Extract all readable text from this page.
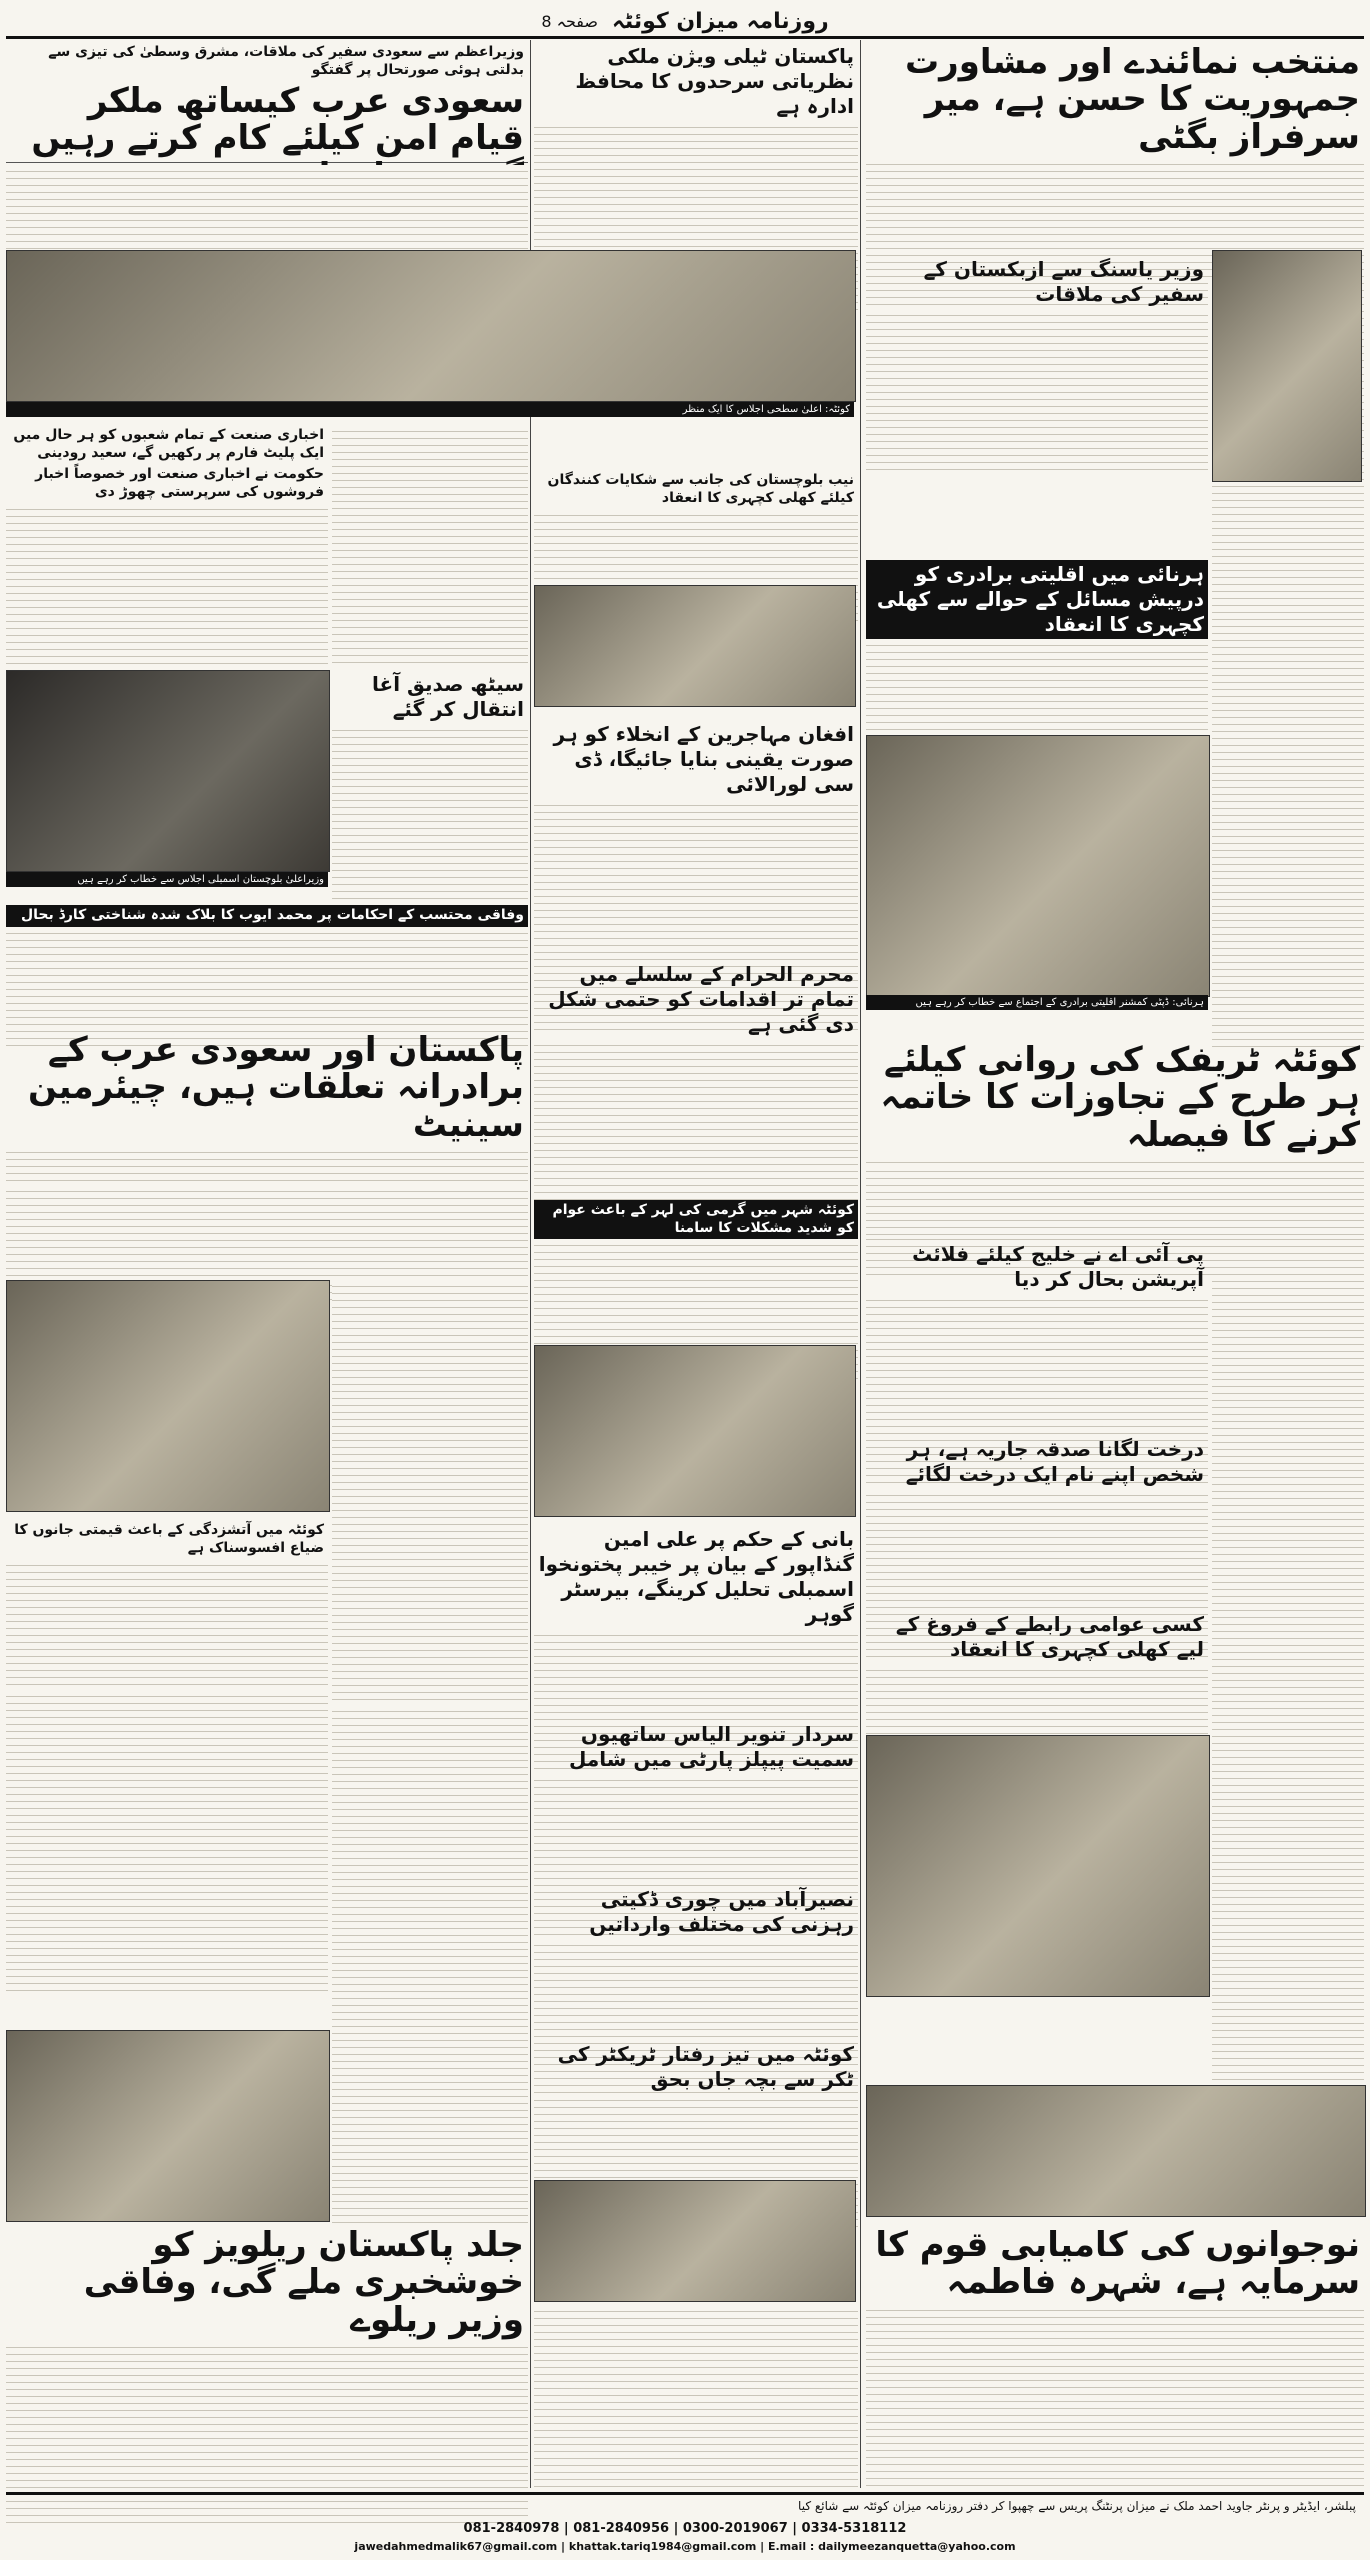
روزنامہ میزان کوئٹہ
صفحہ 8
منتخب نمائندے اور مشاورت جمہوریت کا حسن ہے، میر سرفراز بگٹی
وزیر یاسنگ سے ازبکستان کے سفیر کی ملاقات
ہرنائی میں اقلیتی برادری کو درپیش مسائل کے حوالے سے کھلی کچہری کا انعقاد
ہرنائی: ڈپٹی کمشنر اقلیتی برادری کے اجتماع سے خطاب کر رہے ہیں
کوئٹہ ٹریفک کی روانی کیلئے ہر طرح کے تجاوزات کا خاتمہ کرنے کا فیصلہ
پی آئی اے نے خلیج کیلئے فلائٹ آپریشن بحال کر دیا
درخت لگانا صدقہ جاریہ ہے، ہر شخص اپنے نام ایک درخت لگائے
کسی عوامی رابطے کے فروغ کے لیے کھلی کچہری کا انعقاد
نوجوانوں کی کامیابی قوم کا سرمایہ ہے، شہرہ فاطمہ
پاکستان ٹیلی ویژن ملکی نظریاتی سرحدوں کا محافظ ادارہ ہے
نیب بلوچستان کی جانب سے شکایات کنندگان کیلئے کھلی کچہری کا انعقاد
افغان مہاجرین کے انخلاء کو ہر صورت یقینی بنایا جائیگا، ڈی سی لورالائی
محرم الحرام کے سلسلے میں تمام تر اقدامات کو حتمی شکل دی گئی ہے
کوئٹہ شہر میں گرمی کی لہر کے باعث عوام کو شدید مشکلات کا سامنا
بانی کے حکم پر علی امین گنڈاپور کے بیان پر خیبر پختونخوا اسمبلی تحلیل کرینگے، بیرسٹر گوہر
سردار تنویر الیاس ساتھیوں سمیت پیپلز پارٹی میں شامل
نصیرآباد میں چوری ڈکیتی رہزنی کی مختلف وارداتیں
کوئٹہ میں تیز رفتار ٹریکٹر کی ٹکر سے بچہ جاں بحق
وزیراعظم سے سعودی سفیر کی ملاقات، مشرق وسطیٰ کی تیزی سے بدلتی ہوئی صورتحال پر گفتگو
سعودی عرب کیساتھ ملکر قیام امن کیلئے کام کرتے رہیں
کوئٹہ: اعلیٰ سطحی اجلاس کا ایک منظر
اخباری صنعت کے تمام شعبوں کو ہر حال میں ایک پلیٹ فارم پر رکھیں گے، سعید رودینی
حکومت نے اخباری صنعت اور خصوصاً اخبار فروشوں کی سرپرستی چھوڑ دی
وزیراعلیٰ بلوچستان اسمبلی اجلاس سے خطاب کر رہے ہیں
سیٹھ صدیق آغا انتقال کر گئے
وفاقی محتسب کے احکامات پر محمد ایوب کا بلاک شدہ شناختی کارڈ بحال
پاکستان اور سعودی عرب کے برادرانہ تعلقات ہیں، چیئرمین سینیٹ
کوئٹہ میں آتشزدگی کے باعث قیمتی جانوں کا ضیاع افسوسناک ہے
جلد پاکستان ریلویز کو خوشخبری ملے گی، وفاقی وزیر ریلوے
پبلشر، ایڈیٹر و پرنٹر جاوید احمد ملک نے میزان پرنٹنگ پریس سے چھپوا کر دفتر روزنامہ میزان کوئٹہ سے شائع کیا
081-2840978 | 081-2840956 | 0300-2019067 | 0334-5318112
jawedahmedmalik67@gmail.com | khattak.tariq1984@gmail.com | E.mail : dailymeezanquetta@yahoo.com
